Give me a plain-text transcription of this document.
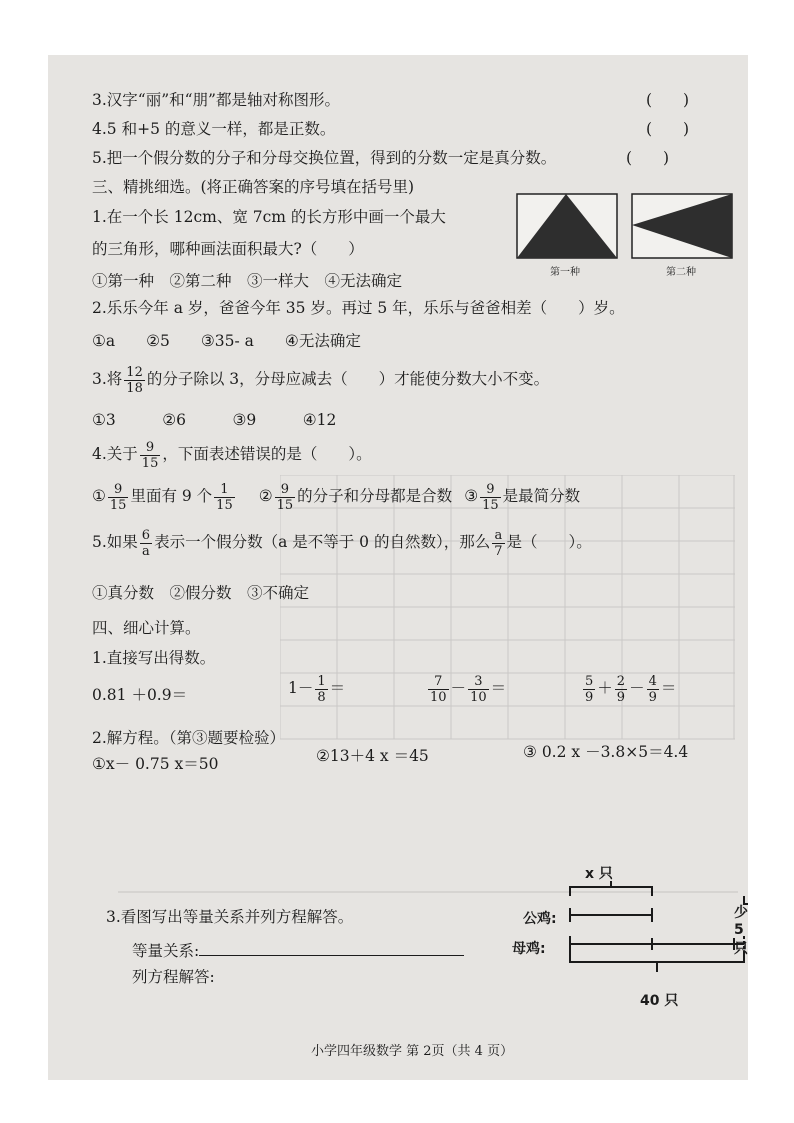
3.汉字“丽”和“朋”都是轴对称图形。	(　　)
4.5 和+5 的意义一样，都是正数。	(　　)
5.把一个假分数的分子和分母交换位置，得到的分数一定是真分数。	(　　)
三、精挑细选。(将正确答案的序号填在括号里)
1.在一个长 12cm、宽 7cm 的长方形中画一个最大
的三角形，哪种画法面积最大?（　　）
①第一种　②第二种　③一样大　④无法确定	第一种	第二种
2.乐乐今年 a 岁，爸爸今年 35 岁。再过 5 年，乐乐与爸爸相差（　　）岁。
①a　　②5　　③35- a　　④无法确定
3.将 $\frac{12}{18}$ 的分子除以 3，分母应减去（　　）才能使分数大小不变。
①3　　　②6　　　③9　　　④12
4.关于 $\frac{9}{15}$ ，下面表述错误的是（　　）。
① $\frac{9}{15}$ 里面有 9 个 $\frac{1}{15}$ ② $\frac{9}{15}$ 的分子和分母都是合数 ③ $\frac{9}{15}$ 是最简分数
5.如果 $\frac{6}{a}$ 表示一个假分数（a 是不等于 0 的自然数），那么 $\frac{a}{7}$ 是（　　）。
①真分数　②假分数　③不确定
四、细心计算。
1.直接写出得数。
0.81 ＋0.9＝	$1- \frac{1}{8}$ ＝	$\frac{7}{10} - \frac{3}{10}$ ＝	$\frac{5}{9} + \frac{2}{9} - \frac{4}{9}$ ＝
2.解方程。（第③题要检验）
①x－ 0.75 x＝50	②13＋4 x ＝45	③ 0.2 x －3.8×5＝4.4
3.看图写出等量关系并列方程解答。
等量关系:
列方程解答:
x 只
公鸡:	少 5 只
母鸡:
40 只
小学四年级数学 第 2页（共 4 页）
